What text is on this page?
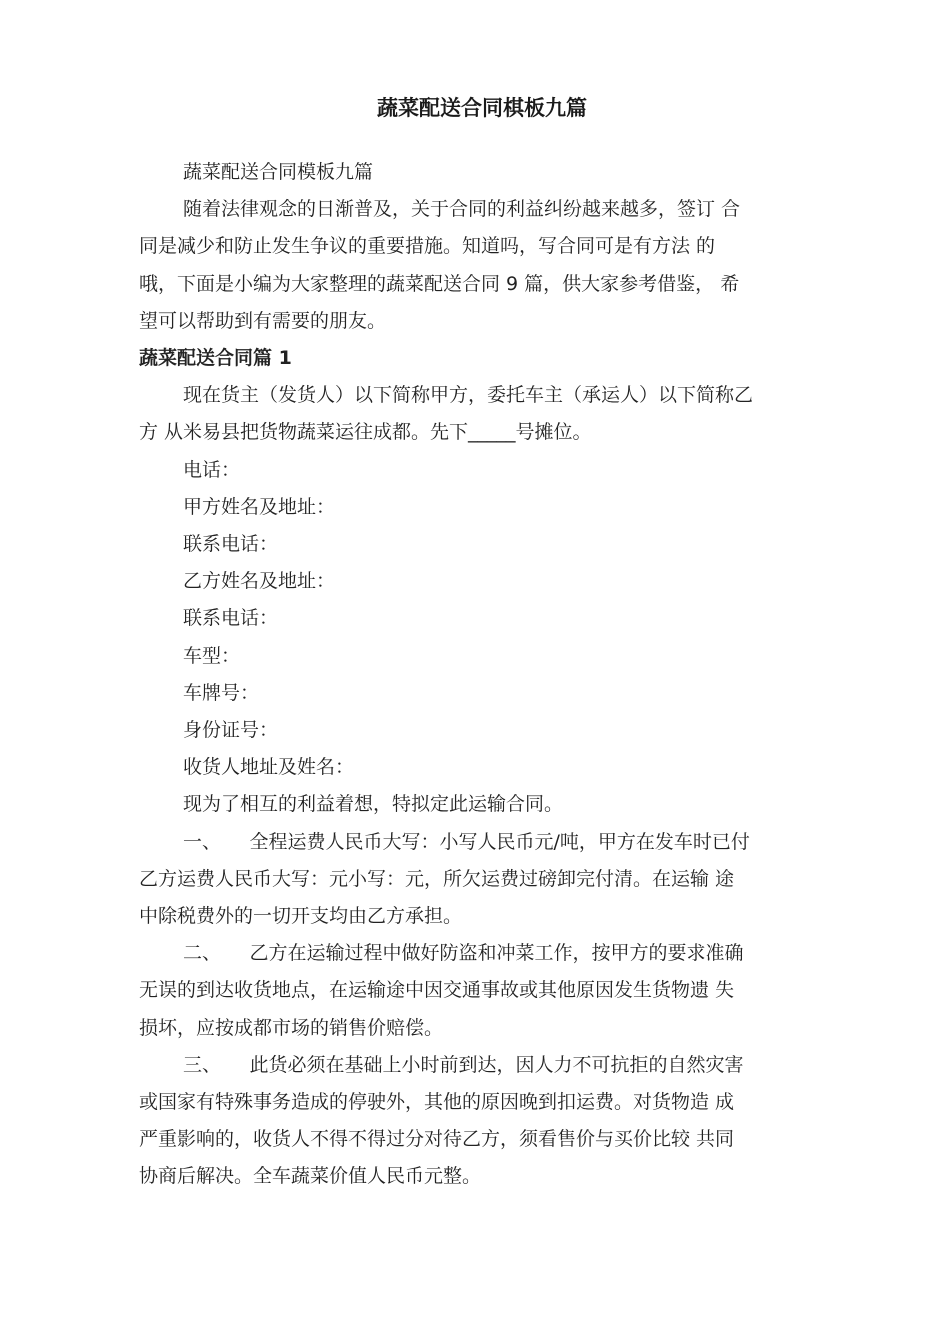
蔬菜配送合同棋板九篇

蔬菜配送合同模板九篇

随着法律观念的日渐普及，关于合同的利益纠纷越来越多，签订 合
同是减少和防止发生争议的重要措施。知道吗，写合同可是有方法 的
哦，下面是小编为大家整理的蔬菜配送合同 9 篇，供大家参考借鉴， 希
望可以帮助到有需要的朋友。

蔬菜配送合同篇 1

现在货主（发货人）以下简称甲方，委托车主（承运人）以下简称乙
方 从米易县把货物蔬菜运往成都。先下_____号摊位。

电话：

甲方姓名及地址：

联系电话：

乙方姓名及地址：

联系电话：

车型：

车牌号：

身份证号：

收货人地址及姓名：

现为了相互的利益着想，特拟定此运输合同。

一、　　全程运费人民币大写：小写人民币元/吨，甲方在发车时已付
乙方运费人民币大写：元小写：元，所欠运费过磅卸完付清。在运输 途
中除税费外的一切开支均由乙方承担。

二、　　乙方在运输过程中做好防盗和冲菜工作，按甲方的要求准确
无误的到达收货地点，在运输途中因交通事故或其他原因发生货物遗 失
损坏，应按成都市场的销售价赔偿。

三、　　此货必须在基础上小时前到达，因人力不可抗拒的自然灾害
或国家有特殊事务造成的停驶外，其他的原因晚到扣运费。对货物造 成
严重影响的，收货人不得不得过分对待乙方，须看售价与买价比较 共同
协商后解决。全车蔬菜价值人民币元整。
